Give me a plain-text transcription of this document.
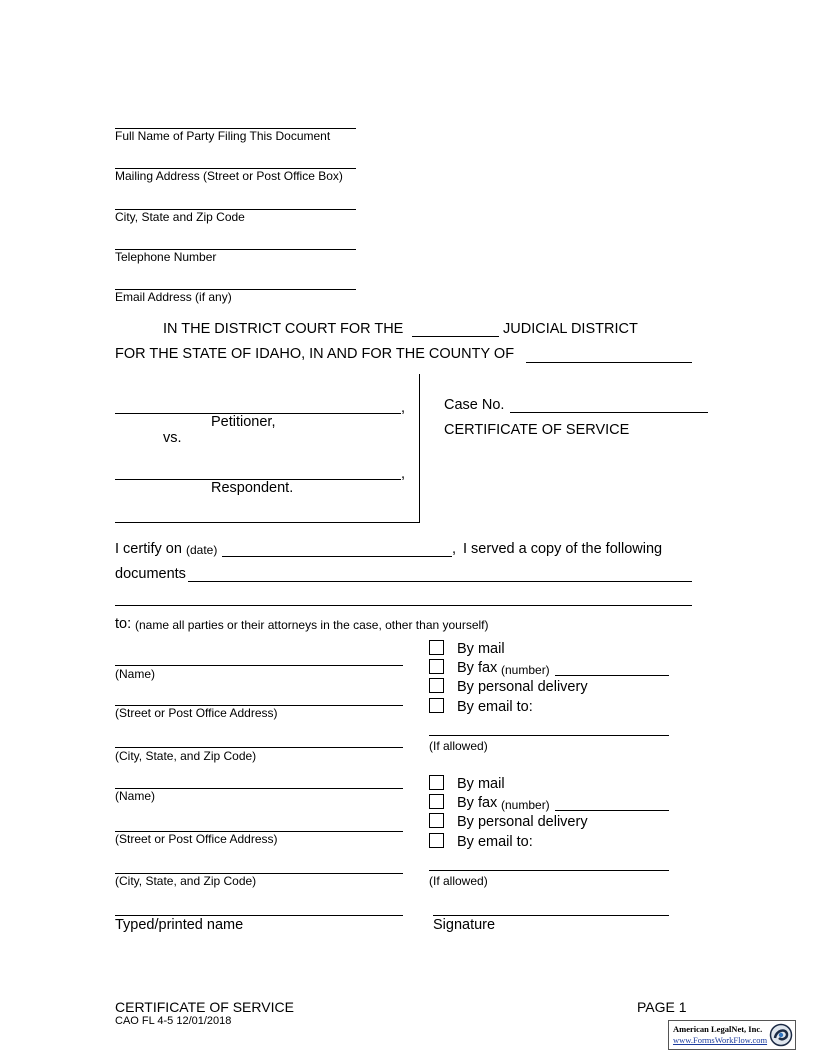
Full Name of Party Filing This Document
Mailing Address (Street or Post Office Box)
City, State and Zip Code
Telephone Number
Email Address (if any)
IN THE DISTRICT COURT FOR THE	JUDICIAL DISTRICT
FOR THE STATE OF IDAHO, IN AND FOR THE COUNTY OF
,
Petitioner,
vs.
,
Respondent.
Case No.
CERTIFICATE OF SERVICE
I certify on (date)	, I served a copy of the following
documents
to: (name all parties or their attorneys in the case, other than yourself)
(Name)
(Street or Post Office Address)
(City, State, and Zip Code)
By mail
By fax (number)
By personal delivery
By email to:
(If allowed)
(Name)
(Street or Post Office Address)
(City, State, and Zip Code)
By mail
By fax (number)
By personal delivery
By email to:
(If allowed)
Typed/printed name	Signature
CERTIFICATE OF SERVICE
CAO FL 4-5 12/01/2018
PAGE 1
American LegalNet, Inc.
www.FormsWorkFlow.com
